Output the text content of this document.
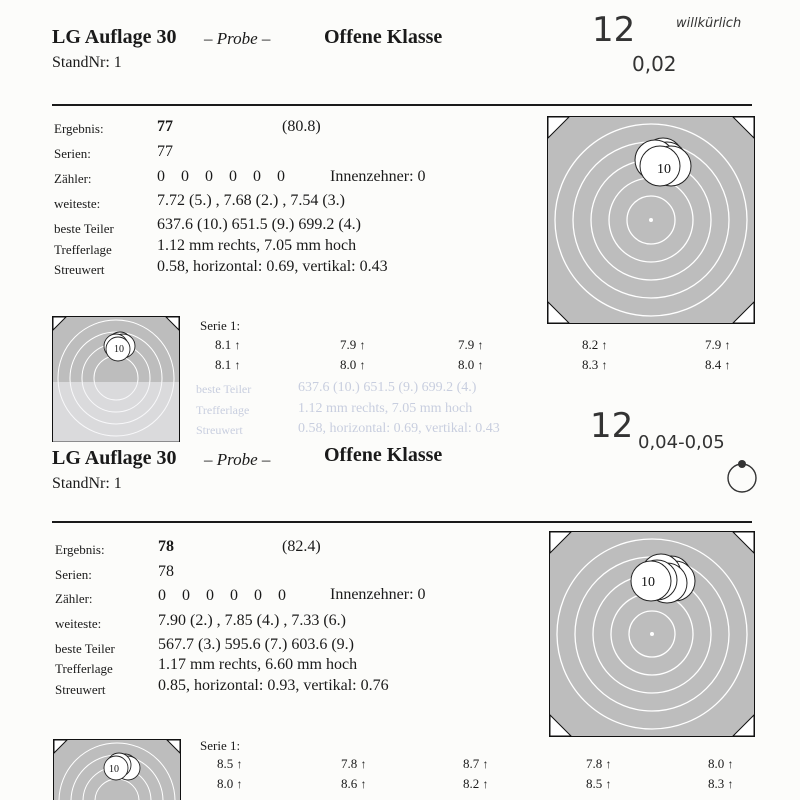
LG Auflage 30 – Probe –	Offene Klasse
StandNr: 1
12	willkürlich
0,02
Ergebnis:	77	(80.8)
Serien:	77
Zähler:	0    0    0    0    0    0	Innenzehner: 0
weiteste:	7.72 (5.) , 7.68 (2.) , 7.54 (3.)
beste Teiler	637.6 (10.) 651.5 (9.) 699.2 (4.)
Trefferlage	1.12 mm rechts, 7.05 mm hoch
Streuwert	0.58, horizontal: 0.69, vertikal: 0.43
10
10
Serie 1:
8.1 ↑	7.9 ↑	7.9 ↑	8.2 ↑	7.9 ↑
8.1 ↑	8.0 ↑	8.0 ↑	8.3 ↑	8.4 ↑
beste Teiler	637.6 (10.) 651.5 (9.) 699.2 (4.)
Trefferlage	1.12 mm rechts, 7.05 mm hoch
Streuwert	0.58, horizontal: 0.69, vertikal: 0.43
LG Auflage 30 – Probe –	Offene Klasse
StandNr: 1
12 0,04-0,05
Ergebnis:	78	(82.4)
Serien:	78
Zähler:	0    0    0    0    0    0	Innenzehner: 0
weiteste:	7.90 (2.) , 7.85 (4.) , 7.33 (6.)
beste Teiler	567.7 (3.) 595.6 (7.) 603.6 (9.)
Trefferlage	1.17 mm rechts, 6.60 mm hoch
Streuwert	0.85, horizontal: 0.93, vertikal: 0.76
10
10
Serie 1:
8.5 ↑	7.8 ↑	8.7 ↑	7.8 ↑	8.0 ↑
8.0 ↑	8.6 ↑	8.2 ↑	8.5 ↑	8.3 ↑
